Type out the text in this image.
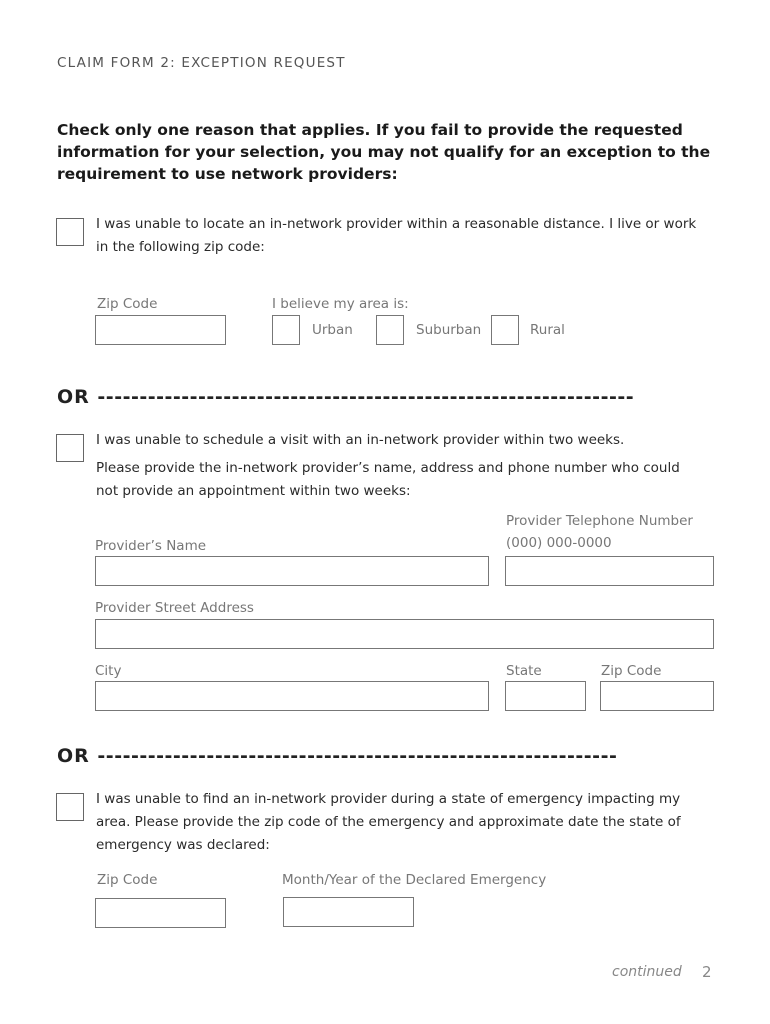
CLAIM FORM 2: EXCEPTION REQUEST
Check only one reason that applies. If you fail to provide the requested information for your selection, you may not qualify for an exception to the requirement to use network providers:
I was unable to locate an in-network provider within a reasonable distance. I live or work in the following zip code:
Zip Code	I believe my area is:
Urban	Suburban	Rural
OR ----------------------------------------------------------------
I was unable to schedule a visit with an in-network provider within two weeks.
Please provide the in-network provider’s name, address and phone number who could not provide an appointment within two weeks:
Provider’s Name
Provider Telephone Number
(000) 000-0000
Provider Street Address
City	State	Zip Code
OR --------------------------------------------------------------
I was unable to find an in-network provider during a state of emergency impacting my area. Please provide the zip code of the emergency and approximate date the state of emergency was declared:
Zip Code	Month/Year of the Declared Emergency
continued 2
